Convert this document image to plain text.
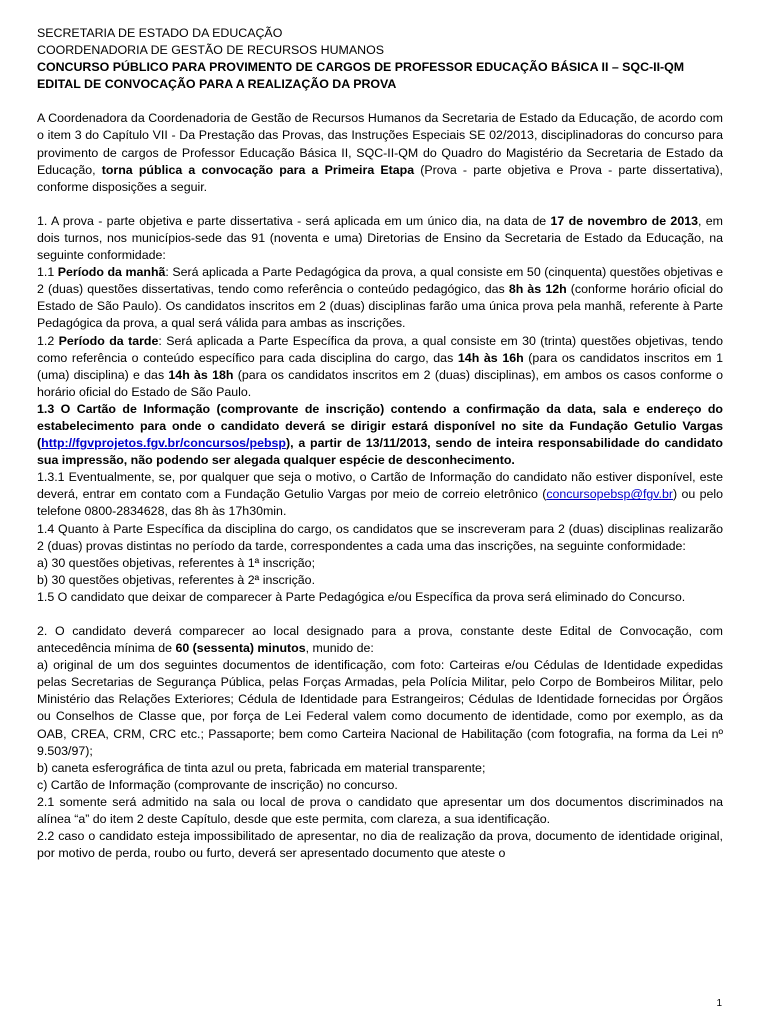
SECRETARIA DE ESTADO DA EDUCAÇÃO

COORDENADORIA DE GESTÃO DE RECURSOS HUMANOS

CONCURSO PÚBLICO PARA PROVIMENTO DE CARGOS DE PROFESSOR EDUCAÇÃO BÁSICA II – SQC-II-QM

EDITAL DE CONVOCAÇÃO PARA A REALIZAÇÃO DA PROVA

A Coordenadora da Coordenadoria de Gestão de Recursos Humanos da Secretaria de Estado da Educação, de acordo com o item 3 do Capítulo VII - Da Prestação das Provas, das Instruções Especiais SE 02/2013, disciplinadoras do concurso para provimento de cargos de Professor Educação Básica II, SQC-II-QM do Quadro do Magistério da Secretaria de Estado da Educação, torna pública a convocação para a Primeira Etapa (Prova - parte objetiva e Prova - parte dissertativa), conforme disposições a seguir.

1. A prova - parte objetiva e parte dissertativa - será aplicada em um único dia, na data de 17 de novembro de 2013, em dois turnos, nos municípios-sede das 91 (noventa e uma) Diretorias de Ensino da Secretaria de Estado da Educação, na seguinte conformidade:

1.1 Período da manhã: Será aplicada a Parte Pedagógica da prova, a qual consiste em 50 (cinquenta) questões objetivas e 2 (duas) questões dissertativas, tendo como referência o conteúdo pedagógico, das 8h às 12h (conforme horário oficial do Estado de São Paulo). Os candidatos inscritos em 2 (duas) disciplinas farão uma única prova pela manhã, referente à Parte Pedagógica da prova, a qual será válida para ambas as inscrições.

1.2 Período da tarde: Será aplicada a Parte Específica da prova, a qual consiste em 30 (trinta) questões objetivas, tendo como referência o conteúdo específico para cada disciplina do cargo, das 14h às 16h (para os candidatos inscritos em 1 (uma) disciplina) e das 14h às 18h (para os candidatos inscritos em 2 (duas) disciplinas), em ambos os casos conforme o horário oficial do Estado de São Paulo.

1.3 O Cartão de Informação (comprovante de inscrição) contendo a confirmação da data, sala e endereço do estabelecimento para onde o candidato deverá se dirigir estará disponível no site da Fundação Getulio Vargas (http://fgvprojetos.fgv.br/concursos/pebsp), a partir de 13/11/2013, sendo de inteira responsabilidade do candidato sua impressão, não podendo ser alegada qualquer espécie de desconhecimento.

1.3.1 Eventualmente, se, por qualquer que seja o motivo, o Cartão de Informação do candidato não estiver disponível, este deverá, entrar em contato com a Fundação Getulio Vargas por meio de correio eletrônico (concursopebsp@fgv.br) ou pelo telefone 0800-2834628, das 8h às 17h30min.

1.4 Quanto à Parte Específica da disciplina do cargo, os candidatos que se inscreveram para 2 (duas) disciplinas realizarão 2 (duas) provas distintas no período da tarde, correspondentes a cada uma das inscrições, na seguinte conformidade:

a) 30 questões objetivas, referentes à 1ª inscrição;

b) 30 questões objetivas, referentes à 2ª inscrição.

1.5 O candidato que deixar de comparecer à Parte Pedagógica e/ou Específica da prova será eliminado do Concurso.

2. O candidato deverá comparecer ao local designado para a prova, constante deste Edital de Convocação, com antecedência mínima de 60 (sessenta) minutos, munido de:

a) original de um dos seguintes documentos de identificação, com foto: Carteiras e/ou Cédulas de Identidade expedidas pelas Secretarias de Segurança Pública, pelas Forças Armadas, pela Polícia Militar, pelo Corpo de Bombeiros Militar, pelo Ministério das Relações Exteriores; Cédula de Identidade para Estrangeiros; Cédulas de Identidade fornecidas por Órgãos ou Conselhos de Classe que, por força de Lei Federal valem como documento de identidade, como por exemplo, as da OAB, CREA, CRM, CRC etc.; Passaporte; bem como Carteira Nacional de Habilitação (com fotografia, na forma da Lei nº 9.503/97);

b) caneta esferográfica de tinta azul ou preta, fabricada em material transparente;

c) Cartão de Informação (comprovante de inscrição) no concurso.

2.1 somente será admitido na sala ou local de prova o candidato que apresentar um dos documentos discriminados na alínea “a” do item 2 deste Capítulo, desde que este permita, com clareza, a sua identificação.

2.2 caso o candidato esteja impossibilitado de apresentar, no dia de realização da prova, documento de identidade original, por motivo de perda, roubo ou furto, deverá ser apresentado documento que ateste o

1
